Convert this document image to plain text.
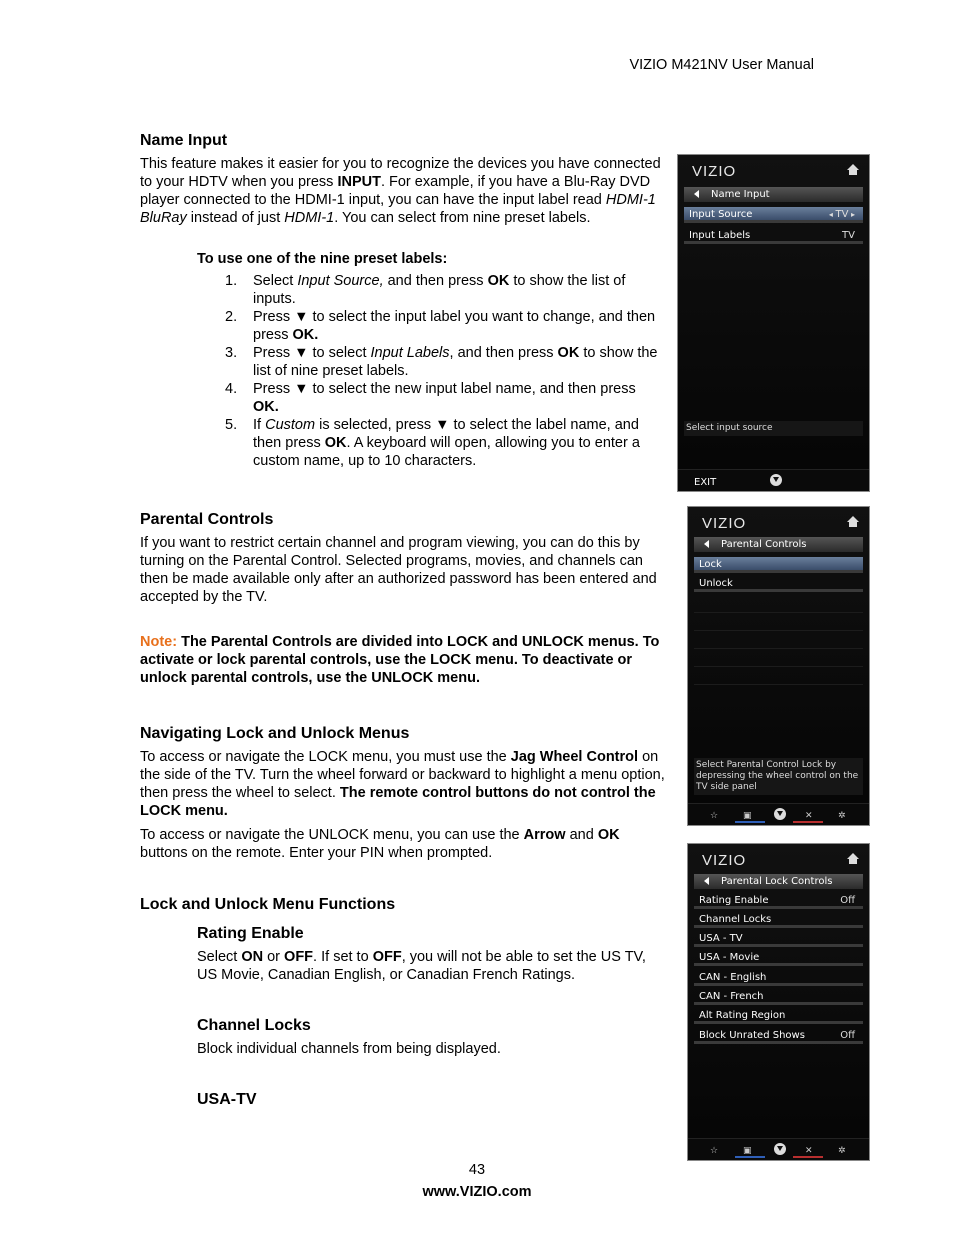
VIZIO M421NV User Manual
Name Input
This feature makes it easier for you to recognize the devices you have connected to your HDTV when you press INPUT. For example, if you have a Blu-Ray DVD player connected to the HDMI-1 input, you can have the input label read HDMI-1 BluRay instead of just HDMI-1. You can select from nine preset labels.
To use one of the nine preset labels:
1.	Select Input Source, and then press OK to show the list of inputs.
2.	Press ▼ to select the input label you want to change, and then press OK.
3.	Press ▼ to select Input Labels, and then press OK to show the list of nine preset labels.
4.	Press ▼ to select the new input label name, and then press OK.
5.	If Custom is selected, press ▼ to select the label name, and then press OK. A keyboard will open, allowing you to enter a custom name, up to 10 characters.
Parental Controls
If you want to restrict certain channel and program viewing, you can do this by turning on the Parental Control. Selected programs, movies, and channels can then be made available only after an authorized password has been entered and accepted by the TV.
Note: The Parental Controls are divided into LOCK and UNLOCK menus. To activate or lock parental controls, use the LOCK menu. To deactivate or unlock parental controls, use the UNLOCK menu.
Navigating Lock and Unlock Menus
To access or navigate the LOCK menu, you must use the Jag Wheel Control on the side of the TV. Turn the wheel forward or backward to highlight a menu option, then press the wheel to select. The remote control buttons do not control the LOCK menu.
To access or navigate the UNLOCK menu, you can use the Arrow and OK buttons on the remote. Enter your PIN when prompted.
Lock and Unlock Menu Functions
Rating Enable
Select ON or OFF. If set to OFF, you will not be able to set the US TV, US Movie, Canadian English, or Canadian French Ratings.
Channel Locks
Block individual channels from being displayed.
USA-TV
VIZIO
Name Input
Input Source	◂ TV ▸
Input Labels	TV
Select input source
EXIT
VIZIO
Parental Controls
Lock
Unlock
Select Parental Control Lock by depressing the wheel control on the TV side panel
☆	▣	✕	✲
VIZIO
Parental Lock Controls
Rating Enable	Off
Channel Locks
USA - TV
USA - Movie
CAN - English
CAN - French
Alt Rating Region
Block Unrated Shows	Off
☆	▣	✕	✲
43
www.VIZIO.com
